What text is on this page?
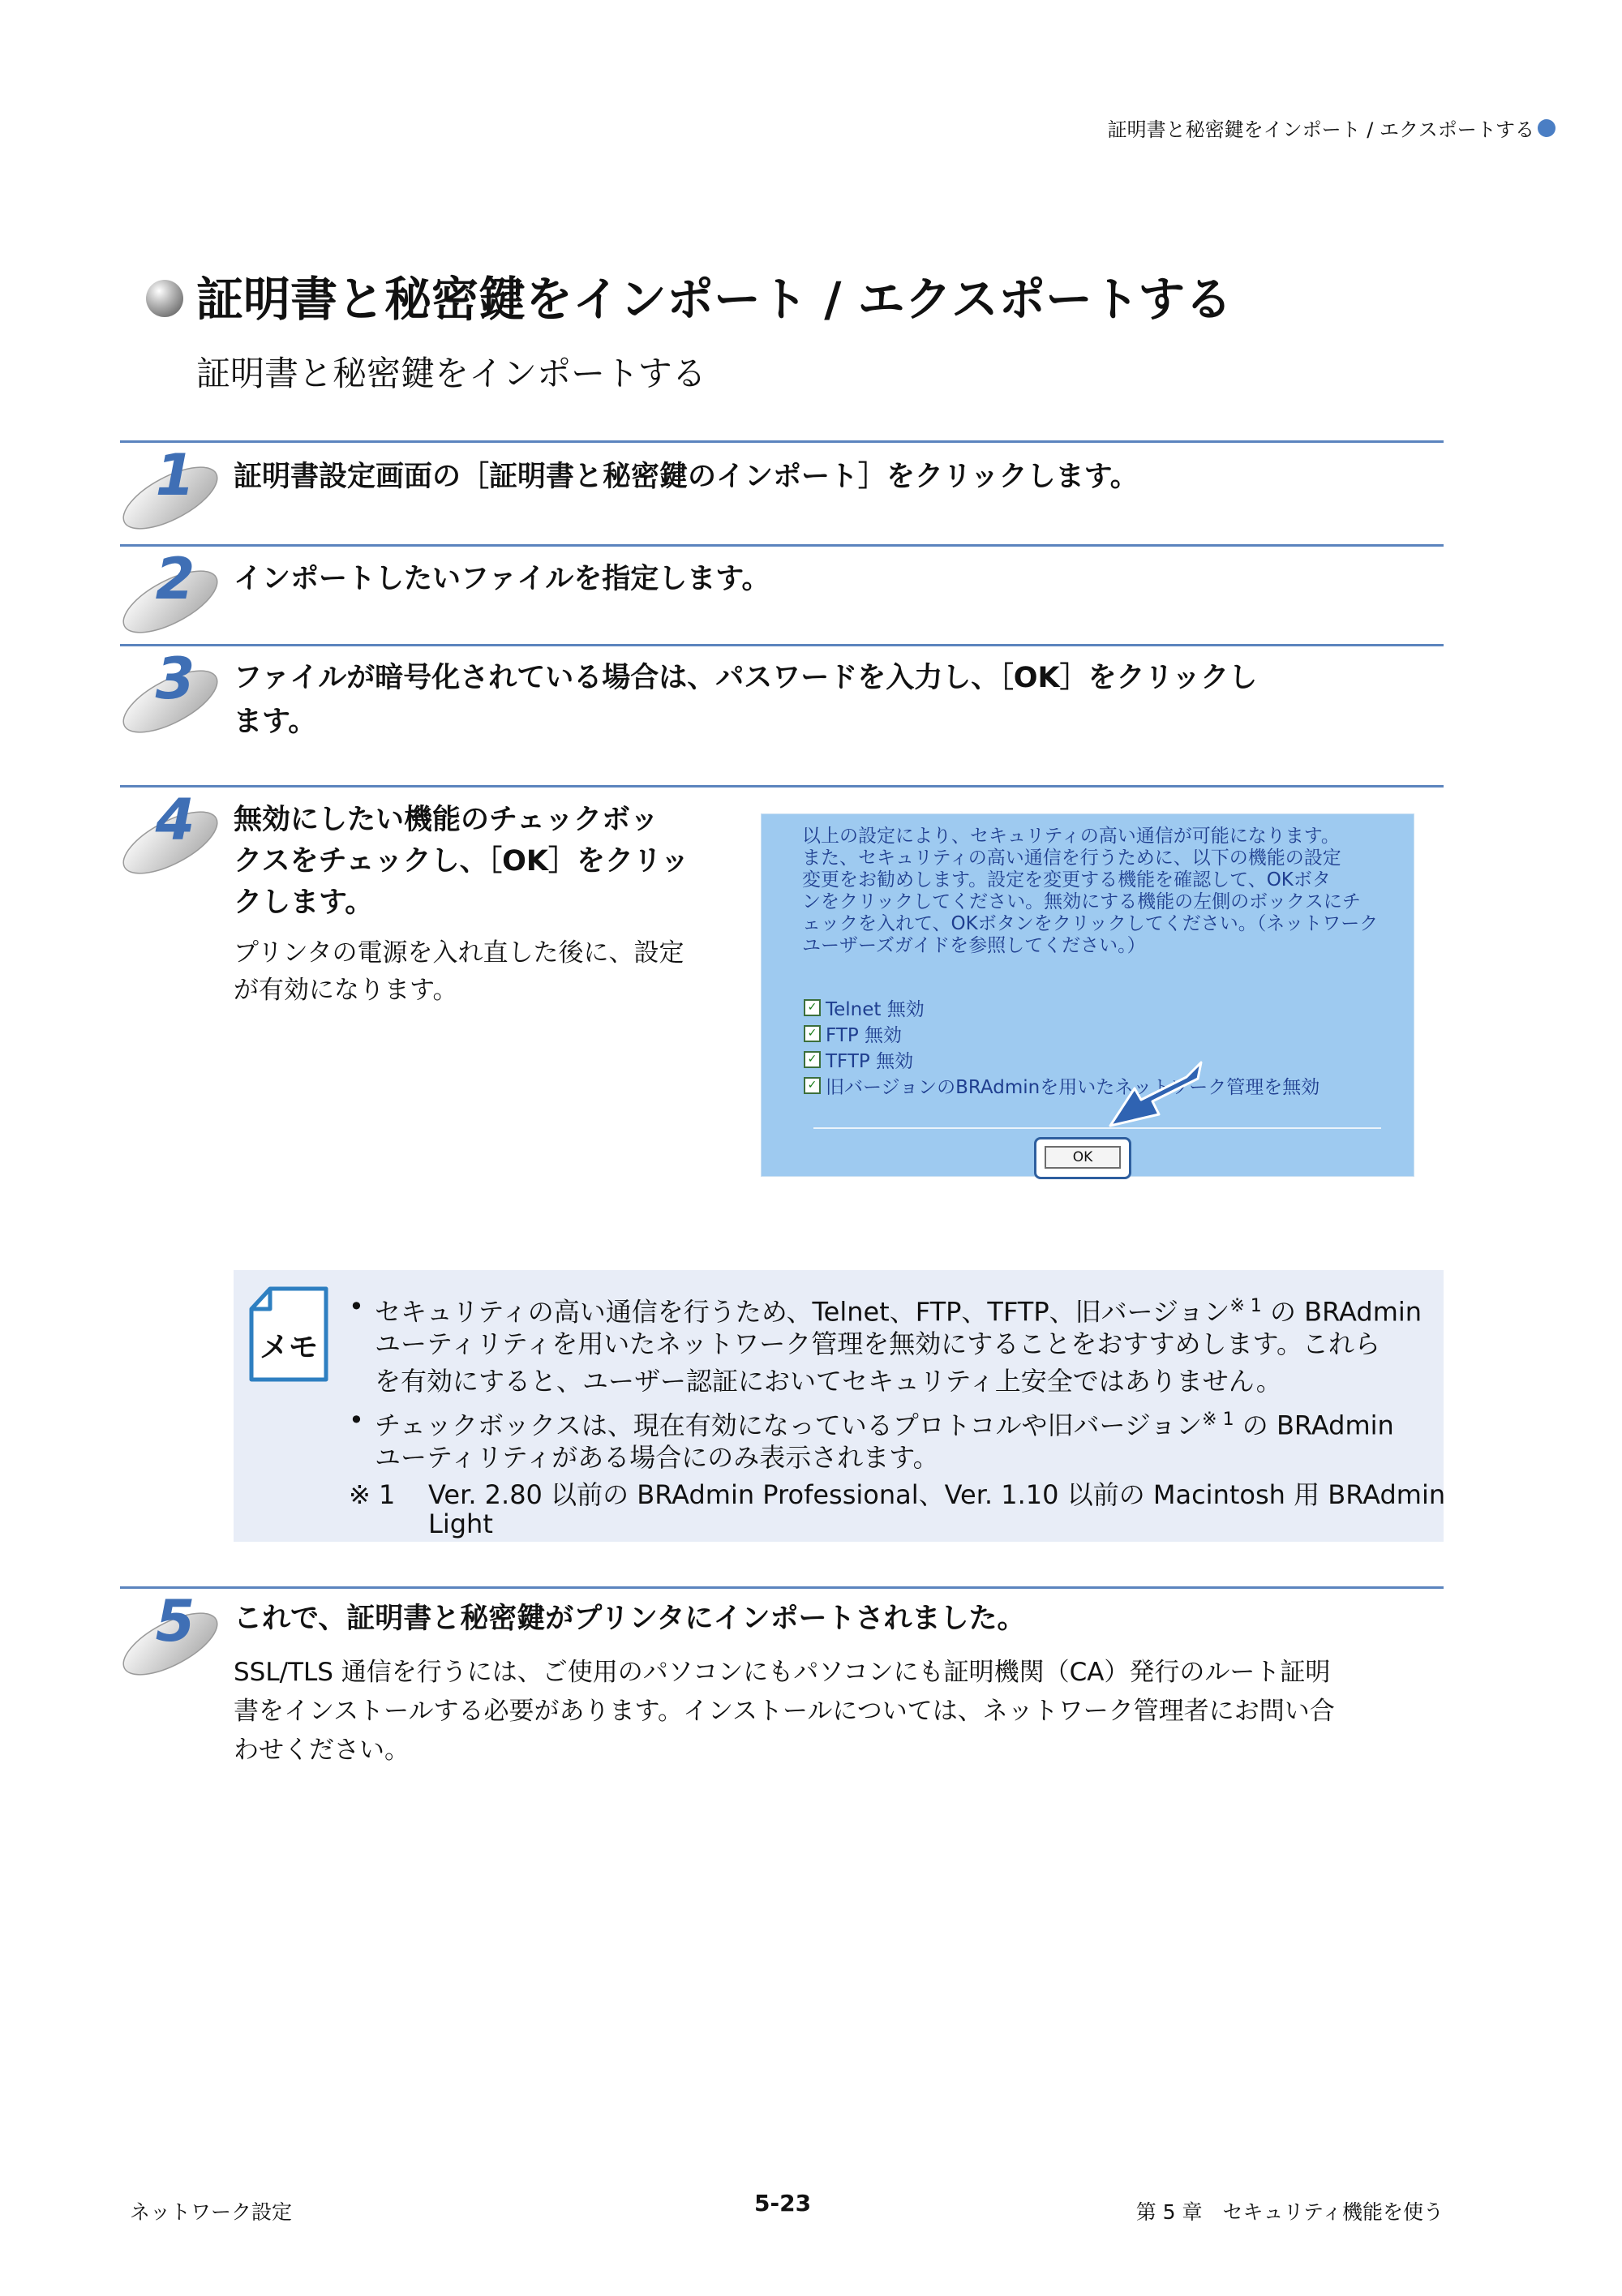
証明書と秘密鍵をインポート / エクスポートする
証明書と秘密鍵をインポート / エクスポートする
証明書と秘密鍵をインポートする
1 証明書設定画面の［証明書と秘密鍵のインポート］をクリックします。
2 インポートしたいファイルを指定します。
3 ファイルが暗号化されている場合は、パスワードを入力し、［OK］をクリックし
ます。
4 無効にしたい機能のチェックボッ
クスをチェックし、［OK］をクリッ
クします。
プリンタの電源を入れ直した後に、設定
が有効になります。
以上の設定により、セキュリティの高い通信が可能になります。
また、セキュリティの高い通信を行うために、以下の機能の設定
変更をお勧めします。設定を変更する機能を確認して、OKボタ
ンをクリックしてください。無効にする機能の左側のボックスにチ
ェックを入れて、OKボタンをクリックしてください。（ネットワーク
ユーザーズガイドを参照してください。）
✓ Telnet 無効
✓ FTP 無効
✓ TFTP 無効
✓ 旧バージョンのBRAdminを用いたネットワーク管理を無効
OK
メモ
• セキュリティの高い通信を行うため、Telnet、FTP、TFTP、旧バージョン$^{※ 1}$ の BRAdmin
ユーティリティを用いたネットワーク管理を無効にすることをおすすめします。これら
を有効にすると、ユーザー認証においてセキュリティ上安全ではありません。
• チェックボックスは、現在有効になっているプロトコルや旧バージョン$^{※ 1}$ の BRAdmin
ユーティリティがある場合にのみ表示されます。
※ 1 Ver. 2.80 以前の BRAdmin Professional、Ver. 1.10 以前の Macintosh 用 BRAdmin
Light
5 これで、証明書と秘密鍵がプリンタにインポートされました。
SSL/TLS 通信を行うには、ご使用のパソコンにもパソコンにも証明機関（CA）発行のルート証明
書をインストールする必要があります。インストールについては、ネットワーク管理者にお問い合
わせください。
ネットワーク設定	5-23	第 5 章　セキュリティ機能を使う
